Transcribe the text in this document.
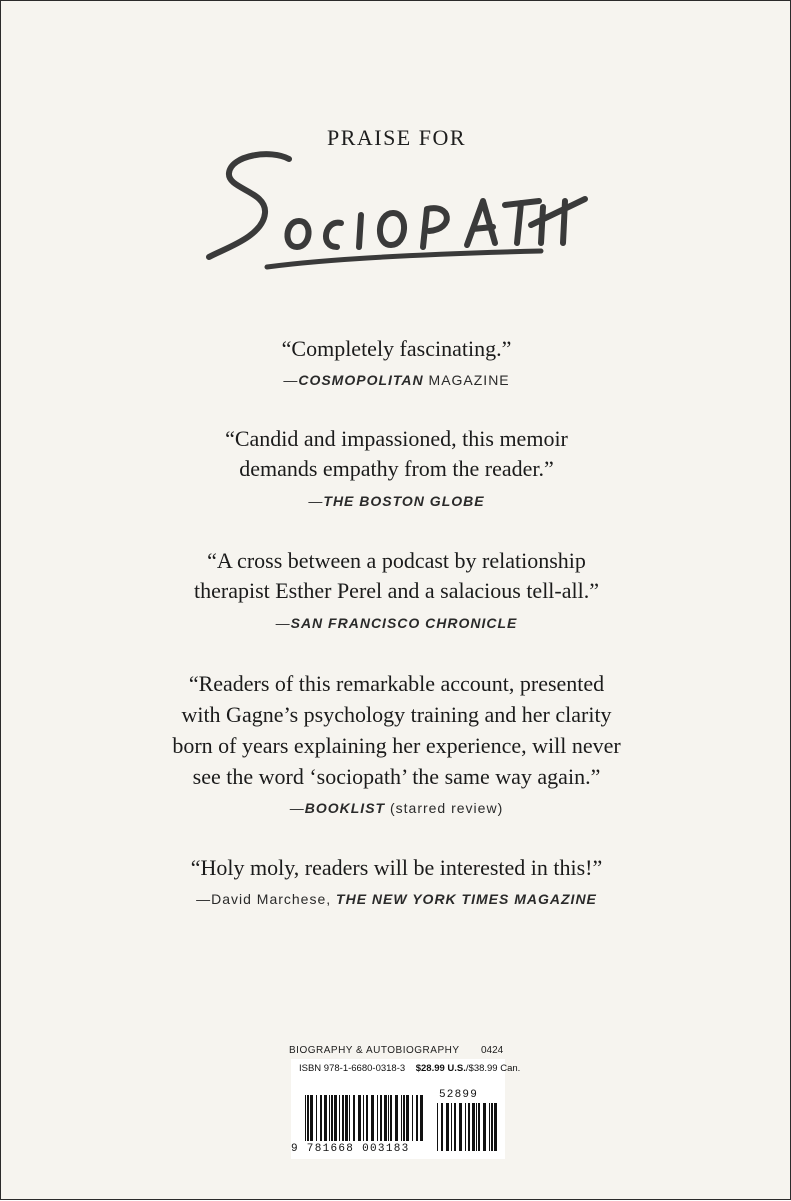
PRAISE FOR
“Completely fascinating.”
—COSMOPOLITAN MAGAZINE
“Candid and impassioned, this memoir
demands empathy from the reader.”
—THE BOSTON GLOBE
“A cross between a podcast by relationship
therapist Esther Perel and a salacious tell-all.”
—SAN FRANCISCO CHRONICLE
“Readers of this remarkable account, presented
with Gagne’s psychology training and her clarity
born of years explaining her experience, will never
see the word ‘sociopath’ the same way again.”
—BOOKLIST (starred review)
“Holy moly, readers will be interested in this!”
—David Marchese, THE NEW YORK TIMES MAGAZINE
BIOGRAPHY & AUTOBIOGRAPHY 0424
ISBN 978-1-6680-0318-3 $28.99 U.S./$38.99 Can.
9 781668 003183
52899
